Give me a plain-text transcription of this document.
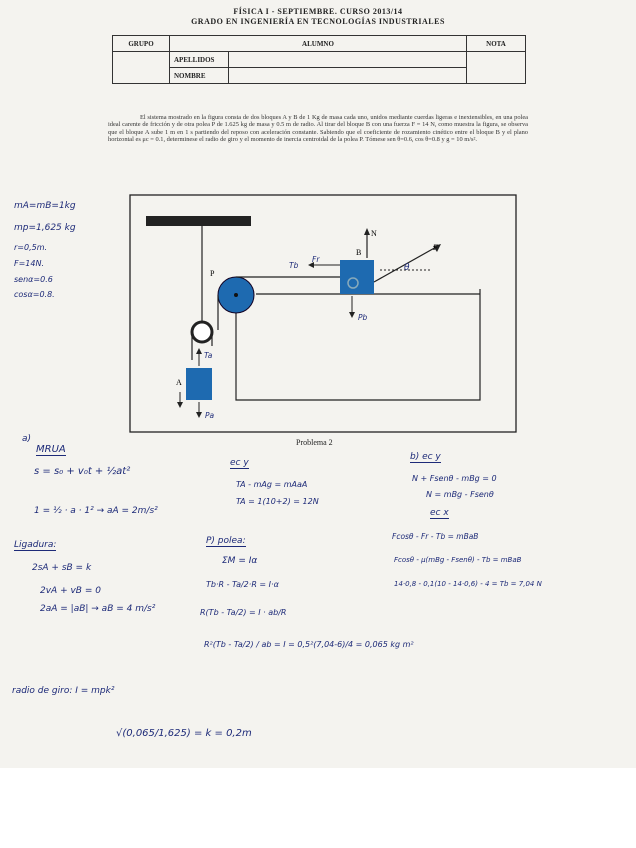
FÍSICA I - SEPTIEMBRE. CURSO 2013/14
GRADO EN INGENIERÍA EN TECNOLOGÍAS INDUSTRIALES
GRUPO	ALUMNO		NOTA
	APELLIDOS		
	NOMBRE		
El sistema mostrado en la figura consta de dos bloques A y B de 1 Kg de masa cada uno, unidos mediante cuerdas ligeras e inextensibles, en una polea ideal carente de fricción y de otra polea P de 1.625 kg de masa y 0.5 m de radio. Al tirar del bloque B con una fuerza F = 14 N, como muestra la figura, se observa que el bloque A sube 1 m en 1 s partiendo del reposo con aceleración constante. Sabiendo que el coeficiente de rozamiento cinético entre el bloque B y el plano horizontal es μc = 0.1, determinese el radio de giro y el momento de inercia centroidal de la polea P. Tómese sen θ=0.6, cos θ=0.8 y g = 10 m/s².
B
P
A
N
F
θ
Tb
Fr
Ta
Pa
Pb
Problema 2
mA=mB=1kg
mp=1,625 kg
r=0,5m.
F=14N.
senα=0.6
cosα=0.8.
a)
MRUA
s = s₀ + v₀t + ½at²
1 = ½ · a · 1² → aA = 2m/s²
Ligadura:
2sA + sB = k
2vA + vB = 0
2aA = |aB| → aB = 4 m/s²
ec y
TA - mAg = mAaA
TA = 1(10+2) = 12N
P) polea:
ΣM = Iα
Tb·R - Ta/2·R = I·α
R(Tb - Ta/2) = I · ab/R
R²(Tb - Ta/2) / ab = I = 0,5²(7,04-6)/4 = 0,065 kg m²
b) ec y
N + Fsenθ - mBg = 0
N = mBg - Fsenθ
ec x
Fcosθ - Fr - Tb = mBaB
Fcosθ - μ(mBg - Fsenθ) - Tb = mBaB
14·0,8 - 0,1(10 - 14·0,6) - 4 = Tb = 7,04 N
radio de giro: I = mpk²
√(0,065/1,625) = k = 0,2m
